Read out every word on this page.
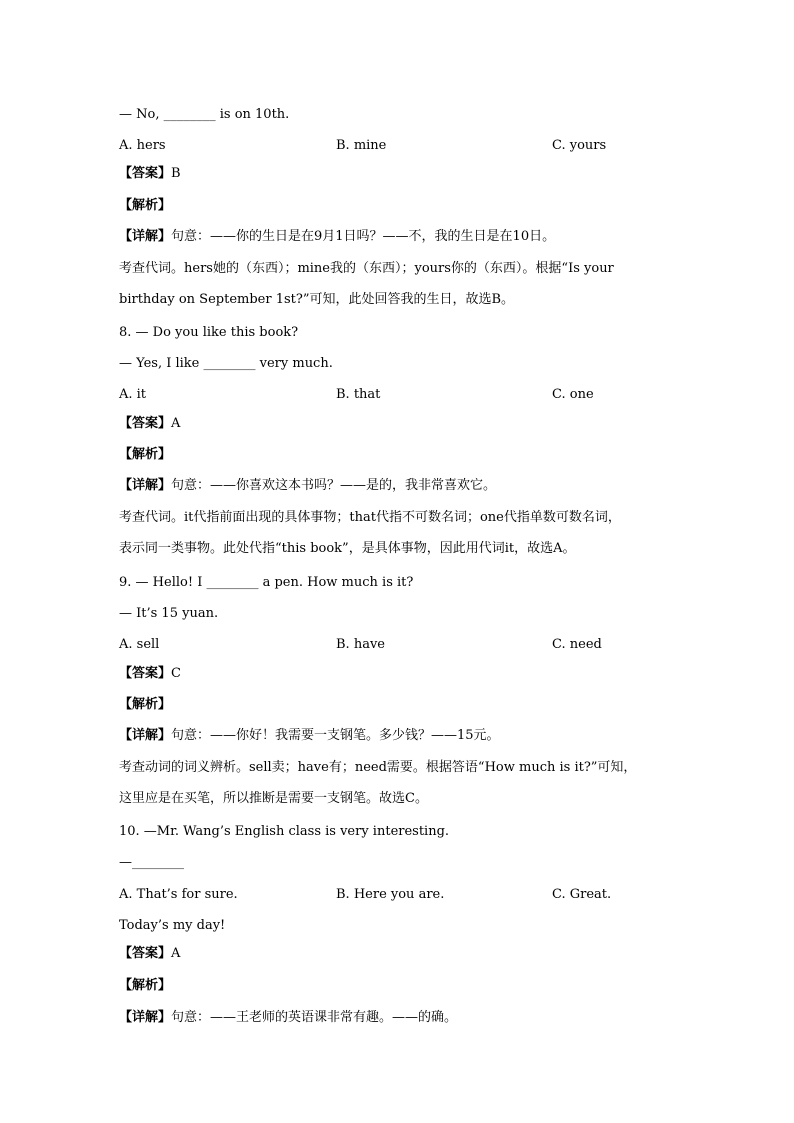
— No, ________ is on 10th.
A. hers	B. mine	C. yours
【答案】B
【解析】
【详解】句意：——你的生日是在9月1日吗？——不，我的生日是在10日。
考查代词。hers她的（东西）；mine我的（东西）；yours你的（东西）。根据“Is your
birthday on September 1st?”可知，此处回答我的生日，故选B。
8. — Do you like this book?
— Yes, I like ________ very much.
A. it	B. that	C. one
【答案】A
【解析】
【详解】句意：——你喜欢这本书吗？——是的，我非常喜欢它。
考查代词。it代指前面出现的具体事物；that代指不可数名词；one代指单数可数名词，
表示同一类事物。此处代指“this book”，是具体事物，因此用代词it，故选A。
9. — Hello! I ________ a pen. How much is it?
— It’s 15 yuan.
A. sell	B. have	C. need
【答案】C
【解析】
【详解】句意：——你好！我需要一支钢笔。多少钱？——15元。
考查动词的词义辨析。sell卖；have有；need需要。根据答语“How much is it?”可知，
这里应是在买笔，所以推断是需要一支钢笔。故选C。
10. —Mr. Wang’s English class is very interesting.
—________
A. That’s for sure.	B. Here you are.	C. Great.
Today’s my day!
【答案】A
【解析】
【详解】句意：——王老师的英语课非常有趣。——的确。
